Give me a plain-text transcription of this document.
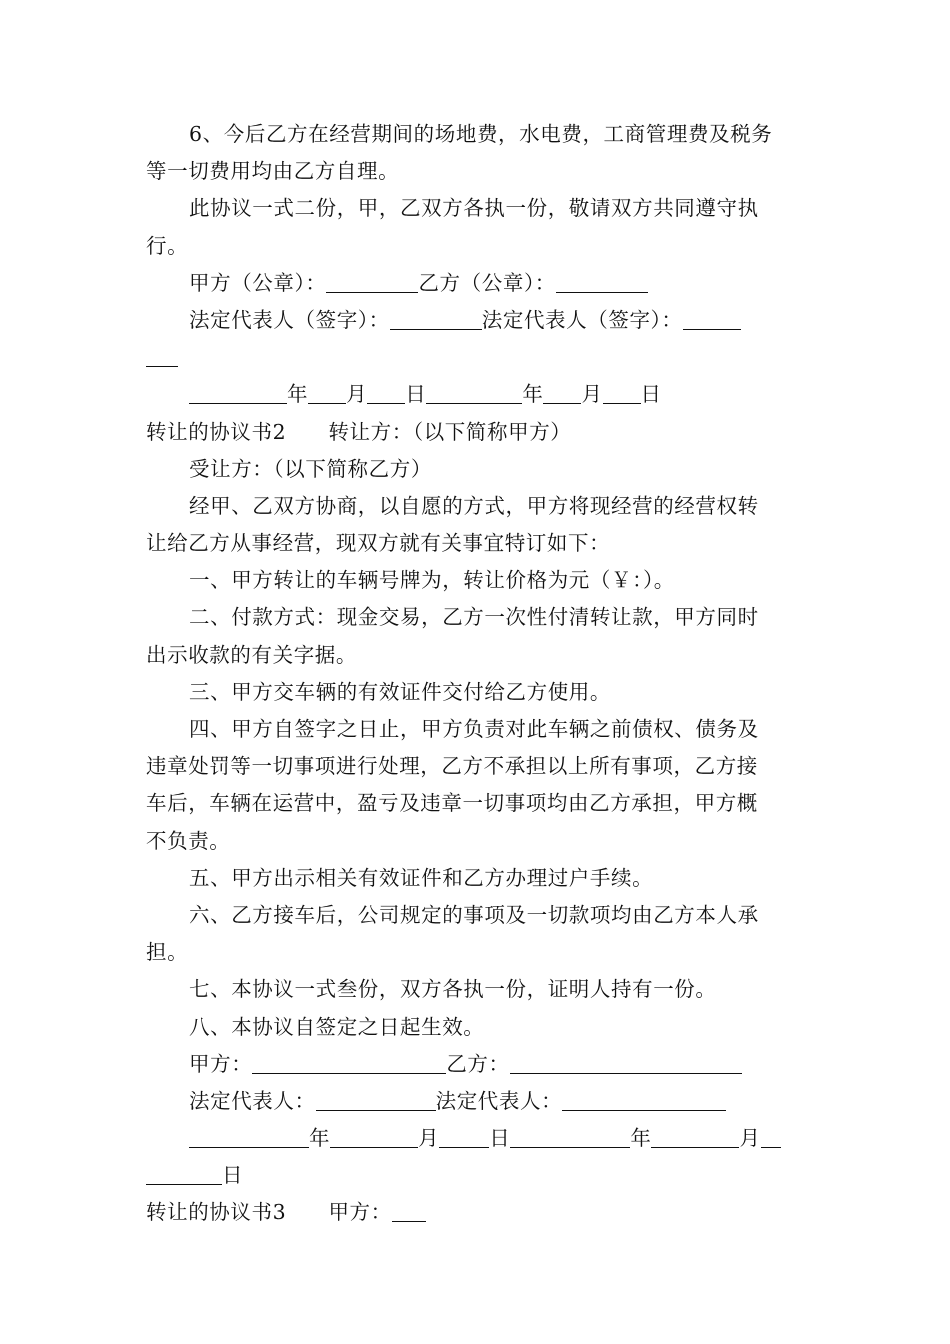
6、今后乙方在经营期间的场地费，水电费，工商管理费及税务
等一切费用均由乙方自理。
此协议一式二份，甲，乙双方各执一份，敬请双方共同遵守执
行。
甲方（公章）：	乙方（公章）：
法定代表人（签字）：	法定代表人（签字）：
年 月 日	年 月 日
转让的协议书2　　转让方：（以下简称甲方）
受让方：（以下简称乙方）
经甲、乙双方协商，以自愿的方式，甲方将现经营的经营权转
让给乙方从事经营，现双方就有关事宜特订如下：
一、甲方转让的车辆号牌为，转让价格为元（￥：）。
二、付款方式：现金交易，乙方一次性付清转让款，甲方同时
出示收款的有关字据。
三、甲方交车辆的有效证件交付给乙方使用。
四、甲方自签字之日止，甲方负责对此车辆之前债权、债务及
违章处罚等一切事项进行处理，乙方不承担以上所有事项，乙方接
车后，车辆在运营中，盈亏及违章一切事项均由乙方承担，甲方概
不负责。
五、甲方出示相关有效证件和乙方办理过户手续。
六、乙方接车后，公司规定的事项及一切款项均由乙方本人承
担。
七、本协议一式叁份，双方各执一份，证明人持有一份。
八、本协议自签定之日起生效。
甲方：	乙方：
法定代表人：	法定代表人：
年	月 日	年	月
日
转让的协议书3　　甲方：
